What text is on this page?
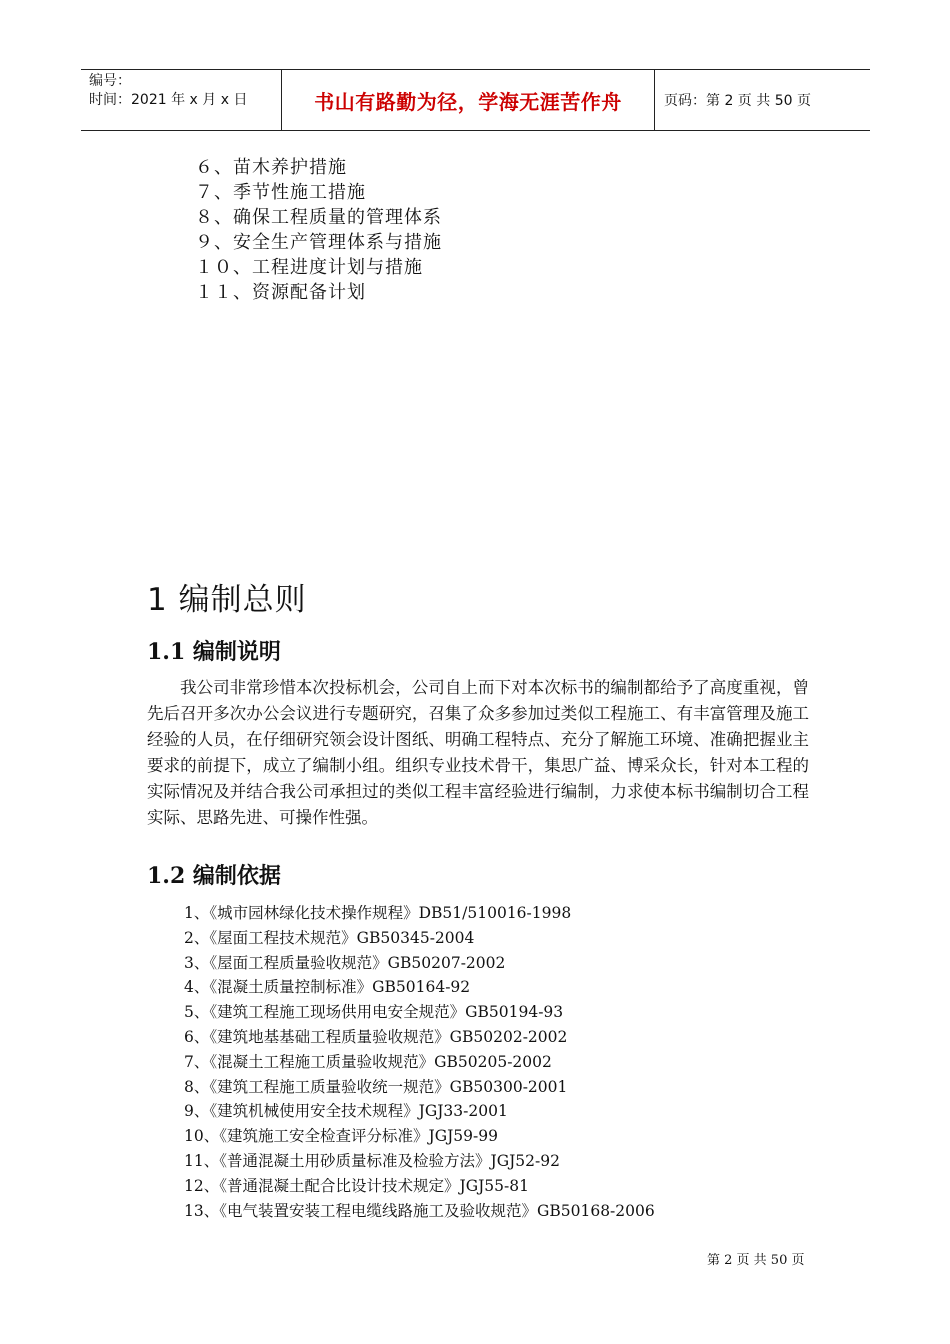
编号：
时间：2021 年 x 月 x 日	书山有路勤为径，学海无涯苦作舟	页码：第 2 页 共 50 页
６、苗木养护措施
７、季节性施工措施
８、确保工程质量的管理体系
９、安全生产管理体系与措施
１０、工程进度计划与措施
１１、资源配备计划
1 编制总则
1.1 编制说明
我公司非常珍惜本次投标机会，公司自上而下对本次标书的编制都给予了高度重视，曾先后召开多次办公会议进行专题研究，召集了众多参加过类似工程施工、有丰富管理及施工经验的人员，在仔细研究领会设计图纸、明确工程特点、充分了解施工环境、准确把握业主要求的前提下，成立了编制小组。组织专业技术骨干，集思广益、博采众长，针对本工程的实际情况及并结合我公司承担过的类似工程丰富经验进行编制，力求使本标书编制切合工程实际、思路先进、可操作性强。
1.2 编制依据
1、《城市园林绿化技术操作规程》DB51/510016-1998
2、《屋面工程技术规范》GB50345-2004
3、《屋面工程质量验收规范》GB50207-2002
4、《混凝土质量控制标准》GB50164-92
5、《建筑工程施工现场供用电安全规范》GB50194-93
6、《建筑地基基础工程质量验收规范》GB50202-2002
7、《混凝土工程施工质量验收规范》GB50205-2002
8、《建筑工程施工质量验收统一规范》GB50300-2001
9、《建筑机械使用安全技术规程》JGJ33-2001
10、《建筑施工安全检查评分标准》JGJ59-99
11、《普通混凝土用砂质量标准及检验方法》JGJ52-92
12、《普通混凝土配合比设计技术规定》JGJ55-81
13、《电气装置安装工程电缆线路施工及验收规范》GB50168-2006
第 2 页 共 50 页
